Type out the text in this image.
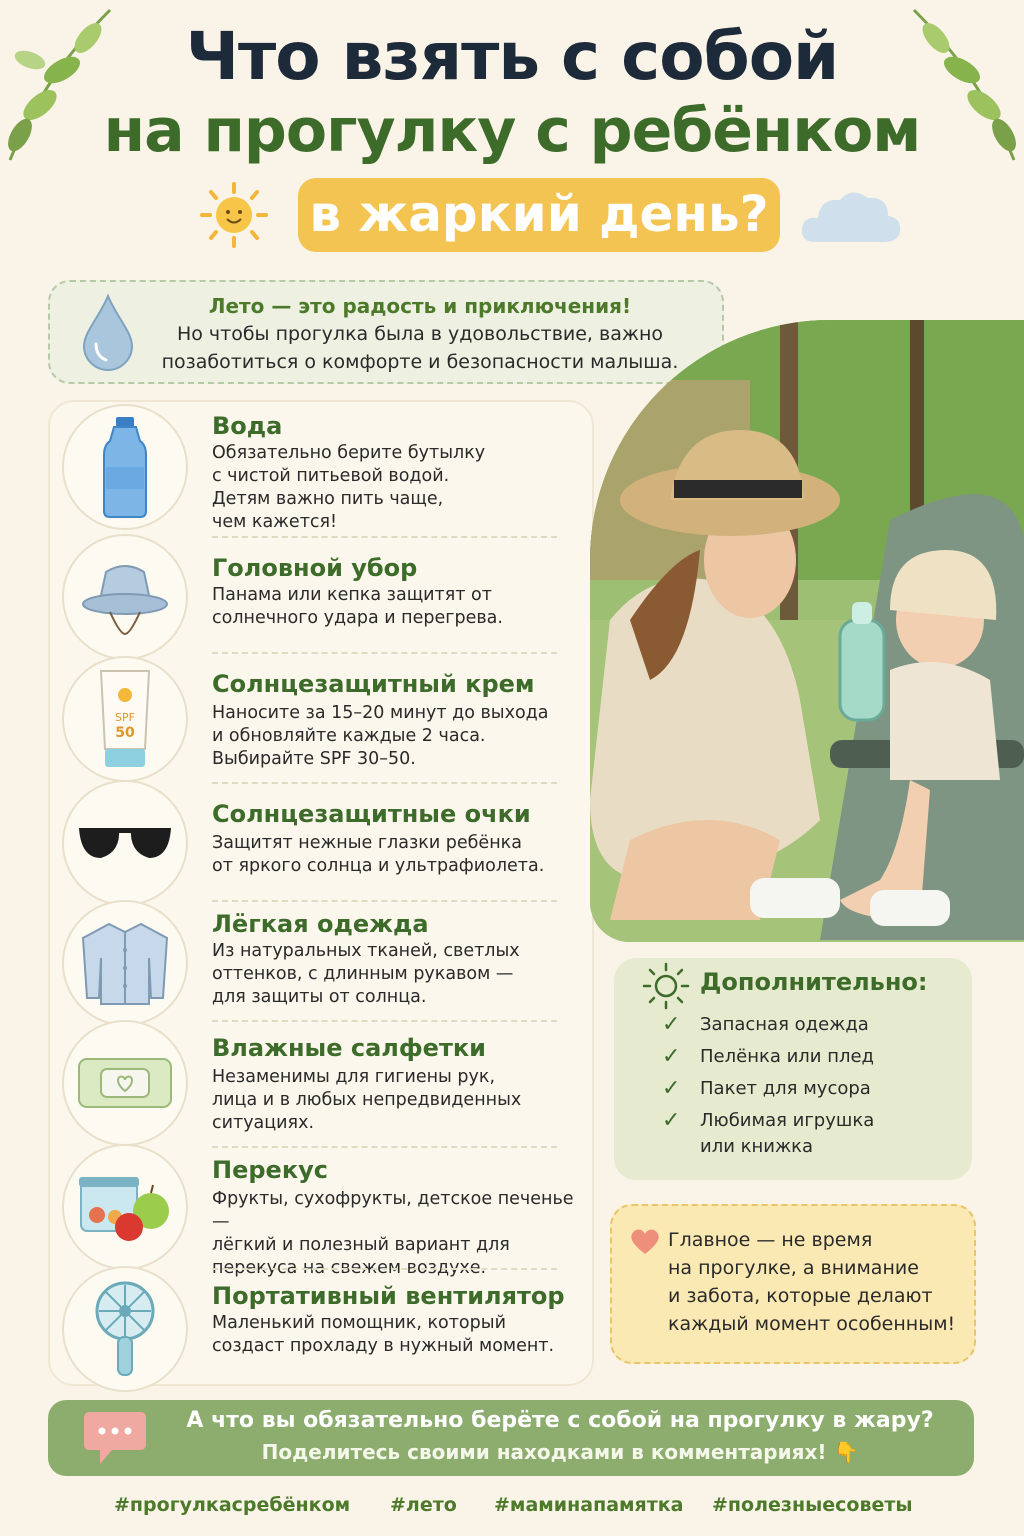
Что взять с собой
на прогулку с ребёнком
в жаркий день?
Лето — это радость и приключения!
Но чтобы прогулка была в удовольствие, важно позаботиться о комфорте и безопасности малыша.
Вода
Обязательно берите бутылку
с чистой питьевой водой.
Детям важно пить чаще,
чем кажется!
Головной убор
Панама или кепка защитят от
солнечного удара и перегрева.
SPF
50
Солнцезащитный крем
Наносите за 15–20 минут до выхода
и обновляйте каждые 2 часа.
Выбирайте SPF 30–50.
Солнцезащитные очки
Защитят нежные глазки ребёнка
от яркого солнца и ультрафиолета.
Лёгкая одежда
Из натуральных тканей, светлых
оттенков, с длинным рукавом —
для защиты от солнца.
Влажные салфетки
Незаменимы для гигиены рук,
лица и в любых непредвиденных
ситуациях.
Перекус
Фрукты, сухофрукты, детское печенье —
лёгкий и полезный вариант для
перекуса на свежем воздухе.
Портативный вентилятор
Маленький помощник, который
создаст прохладу в нужный момент.
Дополнительно:
✓ Запасная одежда
✓ Пелёнка или плед
✓ Пакет для мусора
✓ Любимая игрушка
или книжка
Главное — не время
на прогулке, а внимание
и забота, которые делают
каждый момент особенным!
А что вы обязательно берёте с собой на прогулку в жару?
Поделитесь своими находками в комментариях! 👇
#прогулкасребёнком #лето #маминапамятка #полезныесоветы
